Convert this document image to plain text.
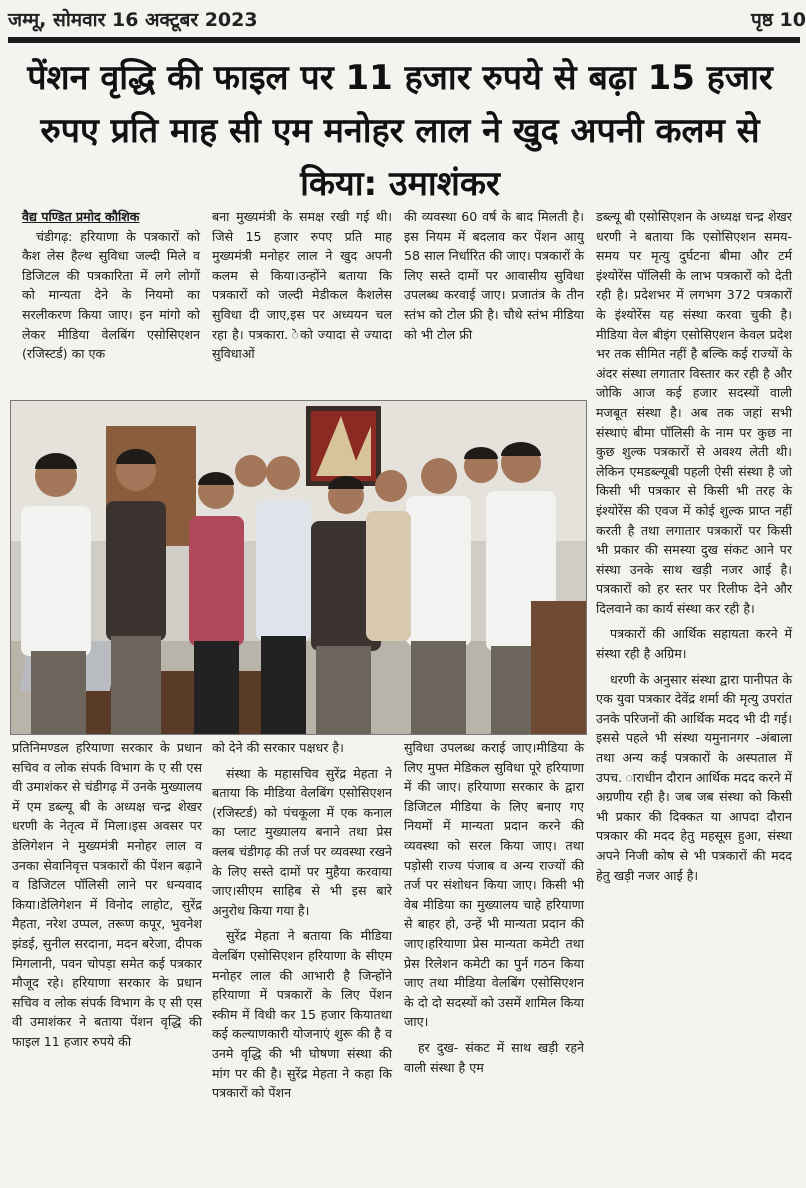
जम्मू, सोमवार 16 अक्टूबर 2023	पृष्ठ 10
पेंशन वृद्धि की फाइल पर 11 हजार रुपये से बढ़ा 15 हजार रुपए प्रति माह सी एम मनोहर लाल ने खुद अपनी कलम से किया: उमाशंकर
वैद्य पण्डित प्रमोद कौशिक
चंडीगढ़: हरियाणा के पत्रकारों को कैश लेस हैल्थ सुविधा जल्दी मिले व डिजिटल की पत्रकारिता में लगे लोगों को मान्यता देने के नियमो का सरलीकरण किया जाए। इन मांगो को लेकर मीडिया वेलबिंग एसोसिएशन (रजिस्टर्ड) का एक
बना मुख्यमंत्री के समक्ष रखी गई थी।जिसे 15 हजार रुपए प्रति माह मुख्यमंत्री मनोहर लाल ने खुद अपनी कलम से किया।उन्होंने बताया कि पत्रकारों को जल्दी मेडीकल कैशलेस सुविधा दी जाए,इस पर अध्ययन चल रहा है। पत्रकारा. ेको ज्यादा से ज्यादा सुविधाओं
की व्यवस्था 60 वर्ष के बाद मिलती है। इस नियम में बदलाव कर पेंशन आयु 58 साल निर्धारित की जाए। पत्रकारों के लिए सस्ते दामों पर आवासीय सुविधा उपलब्ध करवाई जाए। प्रजातंत्र के तीन स्तंभ को टोल फ्री है। चौथे स्तंभ मीडिया को भी टोल फ्री

डब्ल्यू बी एसोसिएशन के अध्यक्ष चन्द्र शेखर धरणी ने बताया कि एसोसिएशन समय-समय पर मृत्यु दुर्घटना बीमा और टर्म इंश्योरेंस पॉलिसी के लाभ पत्रकारों को देती रही है। प्रदेशभर में लगभग 372 पत्रकारों के इंश्योरेंस यह संस्था करवा चुकी है। मीडिया वेल बीइंग एसोसिएशन केवल प्रदेश भर तक सीमित नहीं है बल्कि कई राज्यों के अंदर संस्था लगातार विस्तार कर रही है और जोकि आज कई हजार सदस्यों वाली मजबूत संस्था है। अब तक जहां सभी संस्थाएं बीमा पॉलिसी के नाम पर कुछ ना कुछ शुल्क पत्रकारों से अवश्य लेती थी। लेकिन एमडब्ल्यूबी पहली ऐसी संस्था है जो किसी भी पत्रकार से किसी भी तरह के इंश्योरेंस की एवज में कोई शुल्क प्राप्त नहीं करती है तथा लगातार पत्रकारों पर किसी भी प्रकार की समस्या दुख संकट आने पर संस्था उनके साथ खड़ी नजर आई है। पत्रकारों को हर स्तर पर रिलीफ देने और दिलवाने का कार्य संस्था कर रही है।

पत्रकारों की आर्थिक सहायता करने में संस्था रही है अग्रिम।

धरणी के अनुसार संस्था द्वारा पानीपत के एक युवा पत्रकार देवेंद्र शर्मा की मृत्यु उपरांत उनके परिजनों की आर्थिक मदद भी दी गई। इससे पहले भी संस्था यमुनानगर -अंबाला तथा अन्य कई पत्रकारों के अस्पताल में उपच. ाराधीन दौरान आर्थिक मदद करने में अग्रणीय रही है। जब जब संस्था को किसी भी प्रकार की दिक्कत या आपदा दौरान पत्रकार की मदद हेतु महसूस हुआ, संस्था अपने निजी कोष से भी पत्रकारों की मदद हेतु खड़ी नजर आई है।

प्रतिनिमण्डल हरियाणा सरकार के प्रधान सचिव व लोक संपर्क विभाग के ए सी एस वी उमाशंकर से चंडीगढ़ में उनके मुख्यालय में एम डब्ल्यू बी के अध्यक्ष चन्द्र शेखर धरणी के नेतृत्व में मिला।इस अवसर पर डेलिगेशन ने मुख्यमंत्री मनोहर लाल व उनका सेवानिवृत्त पत्रकारों की पेंशन बढ़ाने व डिजिटल पॉलिसी लाने पर धन्यवाद किया।डेलिगेशन में विनोद लाहोट, सुरेंद्र मैहता, नरेश उप्पल, तरूण कपूर, भुवनेश झंडई, सुनील सरदाना, मदन बरेजा, दीपक मिगलानी, पवन चोपड़ा समेत कई पत्रकार मौजूद रहे। हरियाणा सरकार के प्रधान सचिव व लोक संपर्क विभाग के ए सी एस वी उमाशंकर ने बताया पेंशन वृद्धि की फाइल 11 हजार रुपये की

को देने की सरकार पक्षधर है।

संस्था के महासचिव सुरेंद्र मेहता ने बताया कि मीडिया वेलबिंग एसोसिएशन (रजिस्टर्ड) को पंचकूला में एक कनाल का प्लाट मुख्यालय बनाने तथा प्रेस क्लब चंडीगढ़ की तर्ज पर व्यवस्था रखने के लिए सस्ते दामों पर मुहैया करवाया जाए।सीएम साहिब से भी इस बारे अनुरोध किया गया है।

सुरेंद्र मेहता ने बताया कि मीडिया वेलबिंग एसोसिएशन हरियाणा के सीएम मनोहर लाल की आभारी है जिन्होंने हरियाणा में पत्रकारों के लिए पेंशन स्कीम में विधी कर 15 हजार कियातथा कई कल्याणकारी योजनाएं शुरू की है व उनमे वृद्धि की भी घोषणा संस्था की मांग पर की है। सुरेंद्र मेहता ने कहा कि पत्रकारों को पेंशन

सुविधा उपलब्ध कराई जाए।मीडिया के लिए मुफ्त मेडिकल सुविधा पूरे हरियाणा में की जाए। हरियाणा सरकार के द्वारा डिजिटल मीडिया के लिए बनाए गए नियमों में मान्यता प्रदान करने की व्यवस्था को सरल किया जाए। तथा पड़ोसी राज्य पंजाब व अन्य राज्यों की तर्ज पर संशोधन किया जाए। किसी भी वेब मीडिया का मुख्यालय चाहे हरियाणा से बाहर हो, उन्हें भी मान्यता प्रदान की जाए।हरियाणा प्रेस मान्यता कमेटी तथा प्रेस रिलेशन कमेटी का पुर्न गठन किया जाए तथा मीडिया वेलबिंग एसोसिएशन के दो दो सदस्यों को उसमें शामिल किया जाए।

हर दुख- संकट में साथ खड़ी रहने वाली संस्था है एम
